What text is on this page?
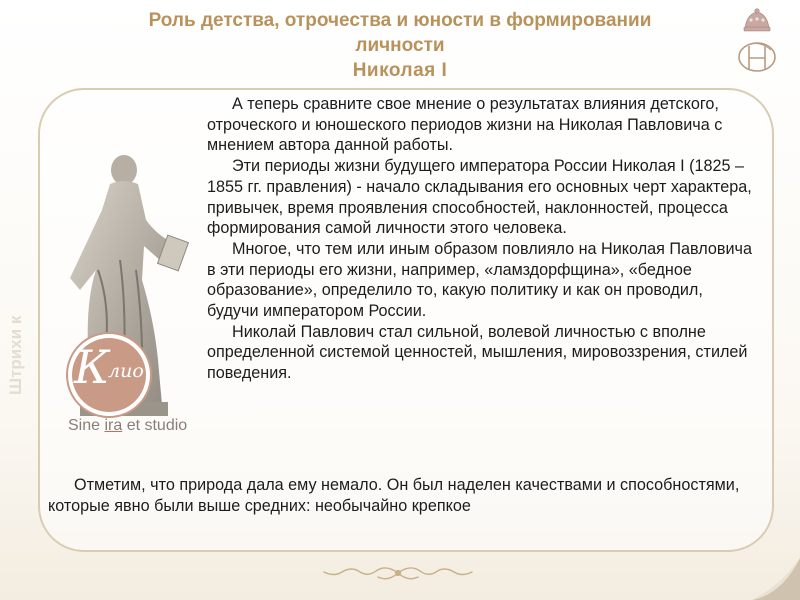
Роль детства, отрочества и юности в формировании
личности
Николая I
Штрихи к К
лио
Sine ira et studio

А теперь сравните свое мнение о результатах влияния детского, отроческого и юношеского периодов жизни на Николая Павловича с мнением автора данной работы.

Эти периоды жизни будущего императора России Николая I (1825 – 1855 гг. правления) - начало складывания его основных черт характера, привычек, время проявления способностей, наклонностей, процесса формирования самой личности этого человека.

Многое, что тем или иным образом повлияло на Николая Павловича в эти периоды его жизни, например, «ламздорфщина», «бедное образование», определило то, какую политику и как он проводил, будучи императором России.

Николай Павлович стал сильной, волевой личностью с вполне определенной системой ценностей, мышления, мировоззрения, стилей поведения.

Отметим, что природа дала ему немало. Он был наделен качествами и способностями, которые явно были выше средних: необычайно крепкое
